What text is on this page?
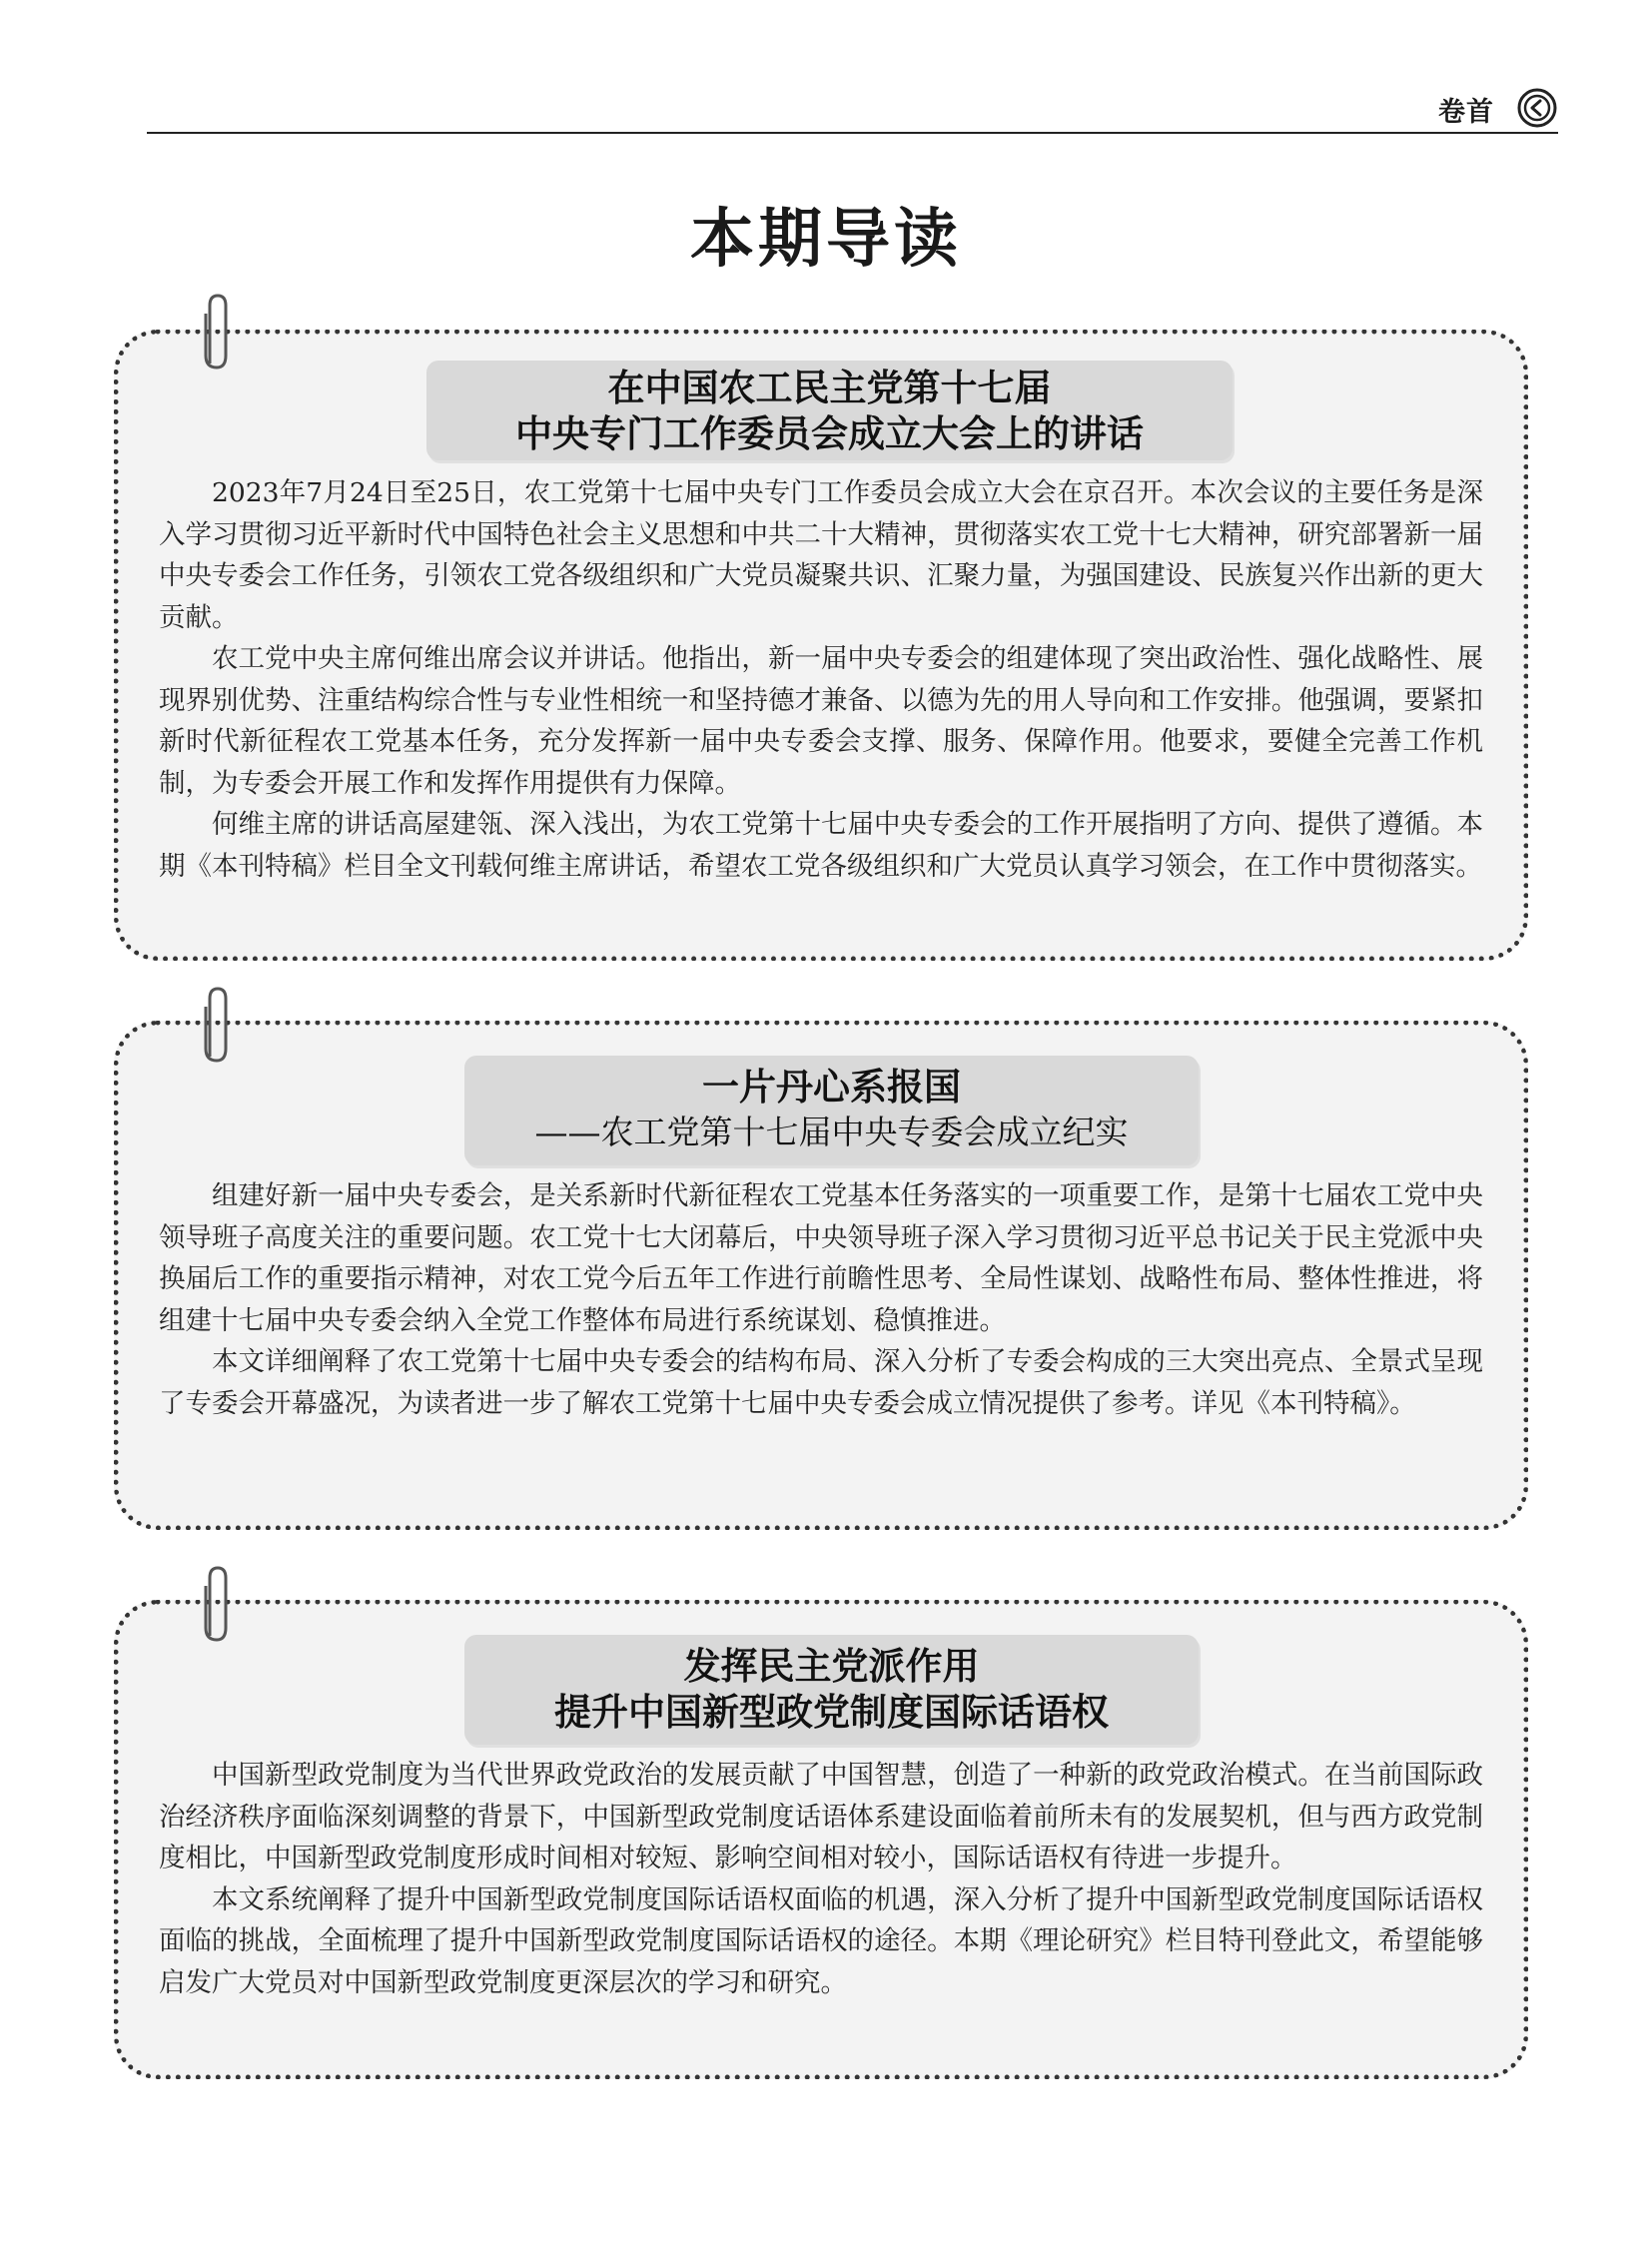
卷首
本期导读
在中国农工民主党第十七届
中央专门工作委员会成立大会上的讲话

2023年7月24日至25日，农工党第十七届中央专门工作委员会成立大会在京召开。本次会议的主要任务是深入学习贯彻习近平新时代中国特色社会主义思想和中共二十大精神，贯彻落实农工党十七大精神，研究部署新一届中央专委会工作任务，引领农工党各级组织和广大党员凝聚共识、汇聚力量，为强国建设、民族复兴作出新的更大贡献。

农工党中央主席何维出席会议并讲话。他指出，新一届中央专委会的组建体现了突出政治性、强化战略性、展现界别优势、注重结构综合性与专业性相统一和坚持德才兼备、以德为先的用人导向和工作安排。他强调，要紧扣新时代新征程农工党基本任务，充分发挥新一届中央专委会支撑、服务、保障作用。他要求，要健全完善工作机制，为专委会开展工作和发挥作用提供有力保障。

何维主席的讲话高屋建瓴、深入浅出，为农工党第十七届中央专委会的工作开展指明了方向、提供了遵循。本期《本刊特稿》栏目全文刊载何维主席讲话，希望农工党各级组织和广大党员认真学习领会，在工作中贯彻落实。

一片丹心系报国
——农工党第十七届中央专委会成立纪实

组建好新一届中央专委会，是关系新时代新征程农工党基本任务落实的一项重要工作，是第十七届农工党中央领导班子高度关注的重要问题。农工党十七大闭幕后，中央领导班子深入学习贯彻习近平总书记关于民主党派中央换届后工作的重要指示精神，对农工党今后五年工作进行前瞻性思考、全局性谋划、战略性布局、整体性推进，将组建十七届中央专委会纳入全党工作整体布局进行系统谋划、稳慎推进。

本文详细阐释了农工党第十七届中央专委会的结构布局、深入分析了专委会构成的三大突出亮点、全景式呈现了专委会开幕盛况，为读者进一步了解农工党第十七届中央专委会成立情况提供了参考。详见《本刊特稿》。

发挥民主党派作用
提升中国新型政党制度国际话语权

中国新型政党制度为当代世界政党政治的发展贡献了中国智慧，创造了一种新的政党政治模式。在当前国际政治经济秩序面临深刻调整的背景下，中国新型政党制度话语体系建设面临着前所未有的发展契机，但与西方政党制度相比，中国新型政党制度形成时间相对较短、影响空间相对较小，国际话语权有待进一步提升。

本文系统阐释了提升中国新型政党制度国际话语权面临的机遇，深入分析了提升中国新型政党制度国际话语权面临的挑战，全面梳理了提升中国新型政党制度国际话语权的途径。本期《理论研究》栏目特刊登此文，希望能够启发广大党员对中国新型政党制度更深层次的学习和研究。
